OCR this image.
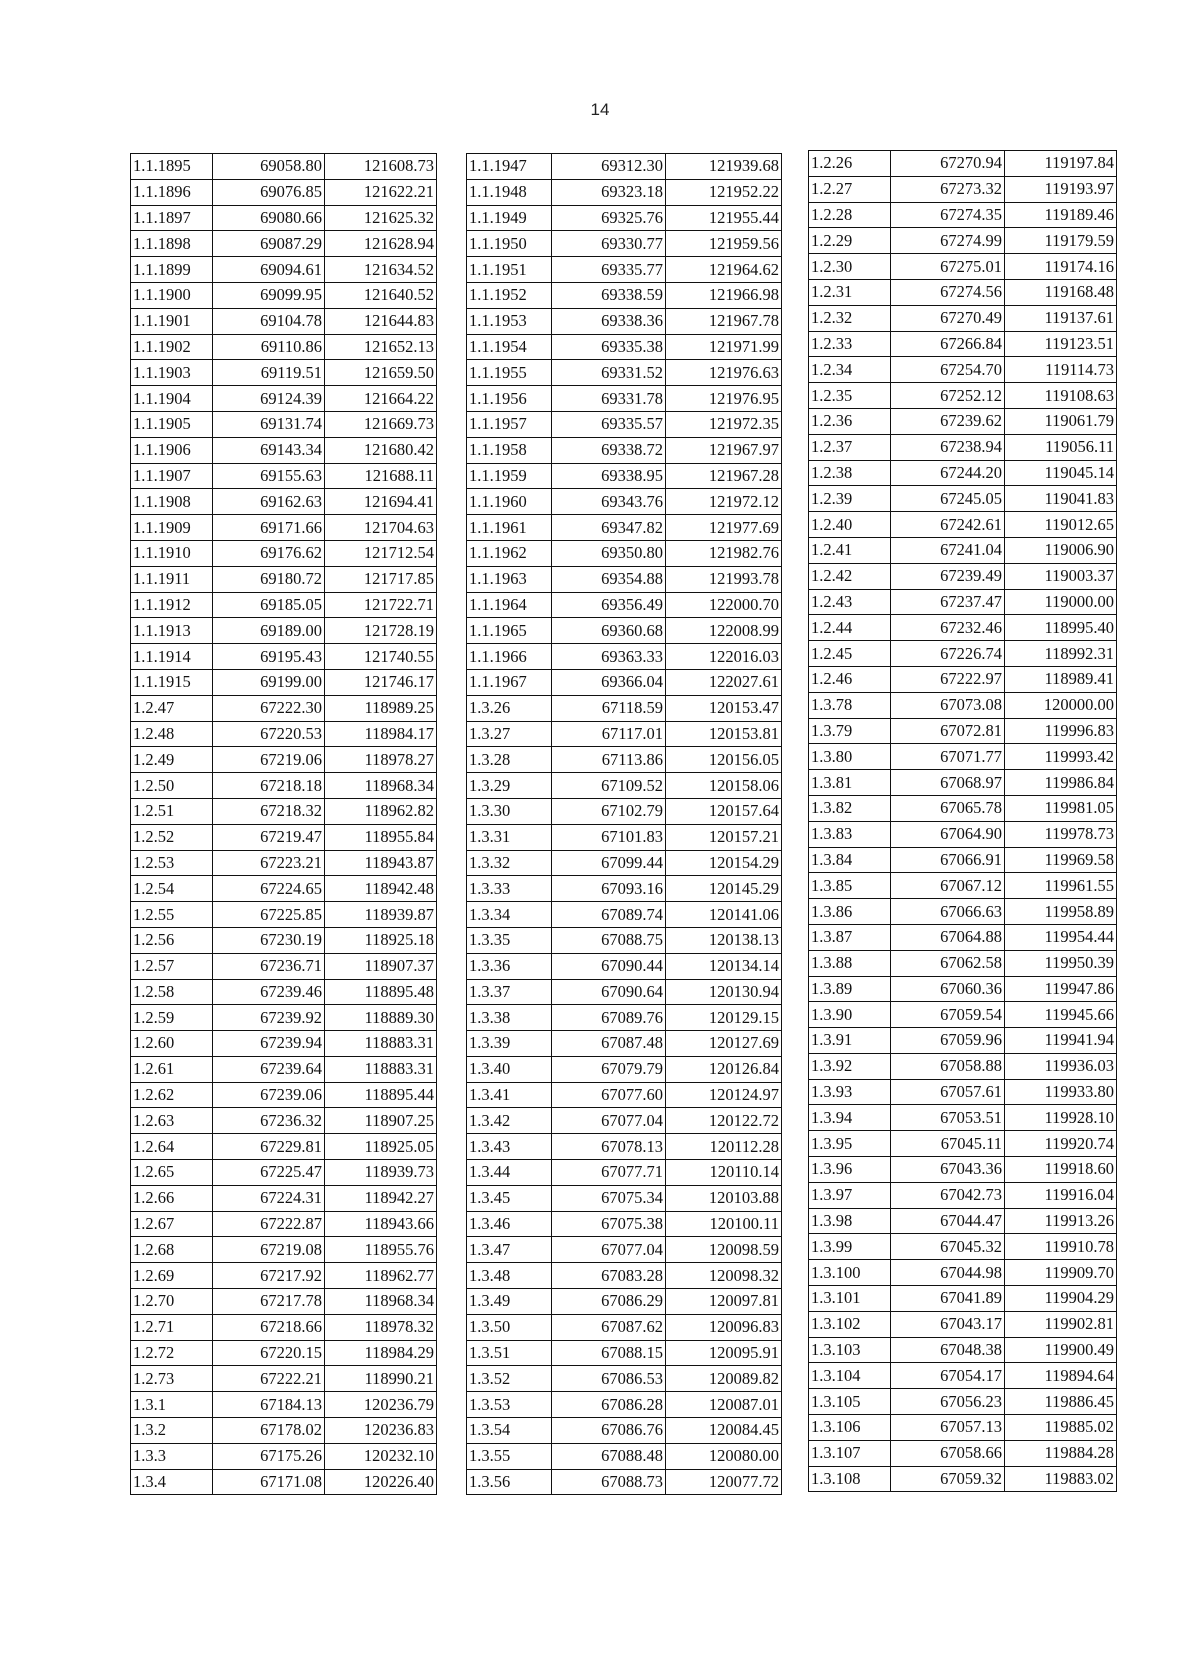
14
1.1.1895	69058.80	121608.73
1.1.1896	69076.85	121622.21
1.1.1897	69080.66	121625.32
1.1.1898	69087.29	121628.94
1.1.1899	69094.61	121634.52
1.1.1900	69099.95	121640.52
1.1.1901	69104.78	121644.83
1.1.1902	69110.86	121652.13
1.1.1903	69119.51	121659.50
1.1.1904	69124.39	121664.22
1.1.1905	69131.74	121669.73
1.1.1906	69143.34	121680.42
1.1.1907	69155.63	121688.11
1.1.1908	69162.63	121694.41
1.1.1909	69171.66	121704.63
1.1.1910	69176.62	121712.54
1.1.1911	69180.72	121717.85
1.1.1912	69185.05	121722.71
1.1.1913	69189.00	121728.19
1.1.1914	69195.43	121740.55
1.1.1915	69199.00	121746.17
1.2.47	67222.30	118989.25
1.2.48	67220.53	118984.17
1.2.49	67219.06	118978.27
1.2.50	67218.18	118968.34
1.2.51	67218.32	118962.82
1.2.52	67219.47	118955.84
1.2.53	67223.21	118943.87
1.2.54	67224.65	118942.48
1.2.55	67225.85	118939.87
1.2.56	67230.19	118925.18
1.2.57	67236.71	118907.37
1.2.58	67239.46	118895.48
1.2.59	67239.92	118889.30
1.2.60	67239.94	118883.31
1.2.61	67239.64	118883.31
1.2.62	67239.06	118895.44
1.2.63	67236.32	118907.25
1.2.64	67229.81	118925.05
1.2.65	67225.47	118939.73
1.2.66	67224.31	118942.27
1.2.67	67222.87	118943.66
1.2.68	67219.08	118955.76
1.2.69	67217.92	118962.77
1.2.70	67217.78	118968.34
1.2.71	67218.66	118978.32
1.2.72	67220.15	118984.29
1.2.73	67222.21	118990.21
1.3.1	67184.13	120236.79
1.3.2	67178.02	120236.83
1.3.3	67175.26	120232.10
1.3.4	67171.08	120226.40
1.1.1947	69312.30	121939.68
1.1.1948	69323.18	121952.22
1.1.1949	69325.76	121955.44
1.1.1950	69330.77	121959.56
1.1.1951	69335.77	121964.62
1.1.1952	69338.59	121966.98
1.1.1953	69338.36	121967.78
1.1.1954	69335.38	121971.99
1.1.1955	69331.52	121976.63
1.1.1956	69331.78	121976.95
1.1.1957	69335.57	121972.35
1.1.1958	69338.72	121967.97
1.1.1959	69338.95	121967.28
1.1.1960	69343.76	121972.12
1.1.1961	69347.82	121977.69
1.1.1962	69350.80	121982.76
1.1.1963	69354.88	121993.78
1.1.1964	69356.49	122000.70
1.1.1965	69360.68	122008.99
1.1.1966	69363.33	122016.03
1.1.1967	69366.04	122027.61
1.3.26	67118.59	120153.47
1.3.27	67117.01	120153.81
1.3.28	67113.86	120156.05
1.3.29	67109.52	120158.06
1.3.30	67102.79	120157.64
1.3.31	67101.83	120157.21
1.3.32	67099.44	120154.29
1.3.33	67093.16	120145.29
1.3.34	67089.74	120141.06
1.3.35	67088.75	120138.13
1.3.36	67090.44	120134.14
1.3.37	67090.64	120130.94
1.3.38	67089.76	120129.15
1.3.39	67087.48	120127.69
1.3.40	67079.79	120126.84
1.3.41	67077.60	120124.97
1.3.42	67077.04	120122.72
1.3.43	67078.13	120112.28
1.3.44	67077.71	120110.14
1.3.45	67075.34	120103.88
1.3.46	67075.38	120100.11
1.3.47	67077.04	120098.59
1.3.48	67083.28	120098.32
1.3.49	67086.29	120097.81
1.3.50	67087.62	120096.83
1.3.51	67088.15	120095.91
1.3.52	67086.53	120089.82
1.3.53	67086.28	120087.01
1.3.54	67086.76	120084.45
1.3.55	67088.48	120080.00
1.3.56	67088.73	120077.72
1.2.26	67270.94	119197.84
1.2.27	67273.32	119193.97
1.2.28	67274.35	119189.46
1.2.29	67274.99	119179.59
1.2.30	67275.01	119174.16
1.2.31	67274.56	119168.48
1.2.32	67270.49	119137.61
1.2.33	67266.84	119123.51
1.2.34	67254.70	119114.73
1.2.35	67252.12	119108.63
1.2.36	67239.62	119061.79
1.2.37	67238.94	119056.11
1.2.38	67244.20	119045.14
1.2.39	67245.05	119041.83
1.2.40	67242.61	119012.65
1.2.41	67241.04	119006.90
1.2.42	67239.49	119003.37
1.2.43	67237.47	119000.00
1.2.44	67232.46	118995.40
1.2.45	67226.74	118992.31
1.2.46	67222.97	118989.41
1.3.78	67073.08	120000.00
1.3.79	67072.81	119996.83
1.3.80	67071.77	119993.42
1.3.81	67068.97	119986.84
1.3.82	67065.78	119981.05
1.3.83	67064.90	119978.73
1.3.84	67066.91	119969.58
1.3.85	67067.12	119961.55
1.3.86	67066.63	119958.89
1.3.87	67064.88	119954.44
1.3.88	67062.58	119950.39
1.3.89	67060.36	119947.86
1.3.90	67059.54	119945.66
1.3.91	67059.96	119941.94
1.3.92	67058.88	119936.03
1.3.93	67057.61	119933.80
1.3.94	67053.51	119928.10
1.3.95	67045.11	119920.74
1.3.96	67043.36	119918.60
1.3.97	67042.73	119916.04
1.3.98	67044.47	119913.26
1.3.99	67045.32	119910.78
1.3.100	67044.98	119909.70
1.3.101	67041.89	119904.29
1.3.102	67043.17	119902.81
1.3.103	67048.38	119900.49
1.3.104	67054.17	119894.64
1.3.105	67056.23	119886.45
1.3.106	67057.13	119885.02
1.3.107	67058.66	119884.28
1.3.108	67059.32	119883.02
